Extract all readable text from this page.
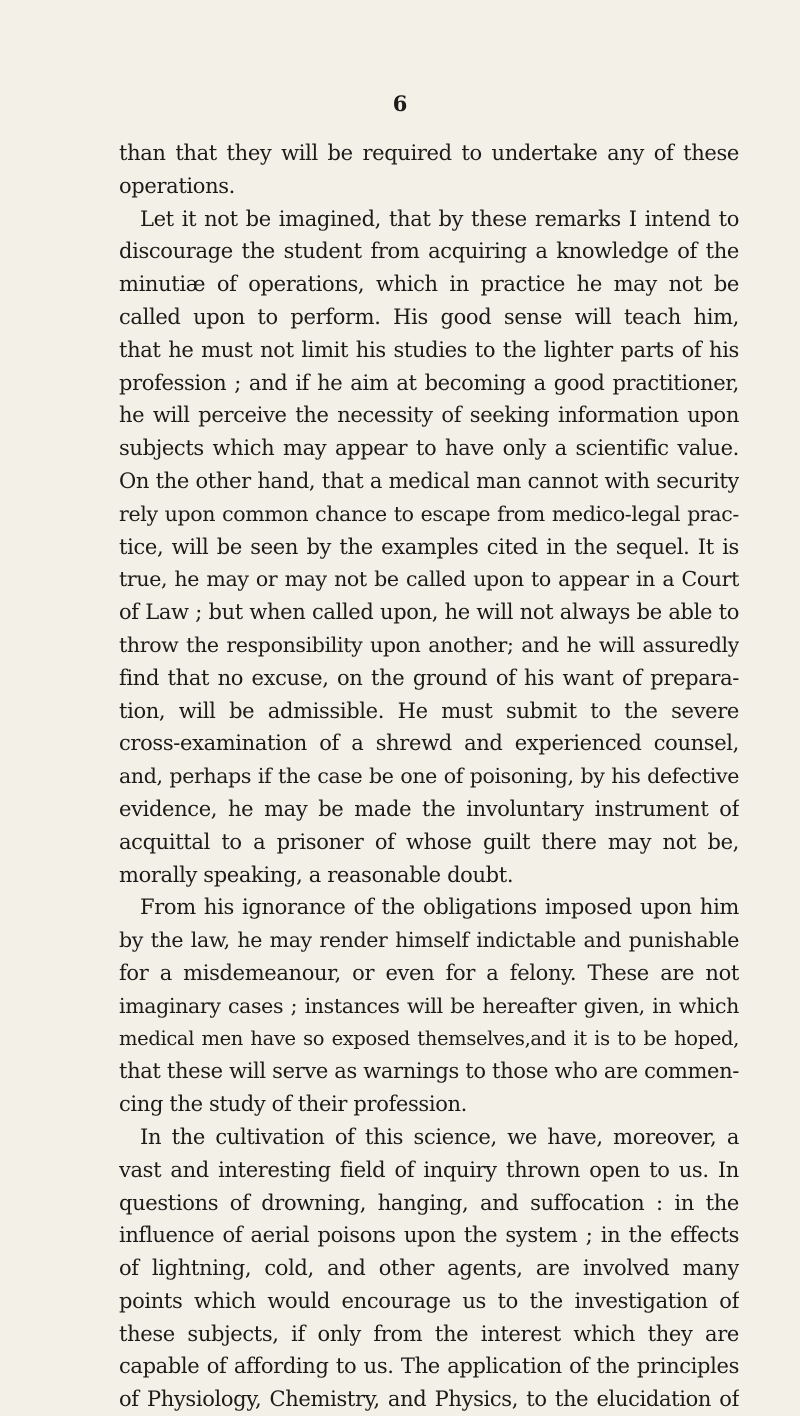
6
than that they will be required to undertake any of these
operations.
Let it not be imagined, that by these remarks I intend to
discourage the student from acquiring a knowledge of the
minutiæ of operations, which in practice he may not be
called upon to perform. His good sense will teach him,
that he must not limit his studies to the lighter parts of his
profession ; and if he aim at becoming a good practitioner,
he will perceive the necessity of seeking information upon
subjects which may appear to have only a scientific value.
On the other hand, that a medical man cannot with security
rely upon common chance to escape from medico-legal prac-
tice, will be seen by the examples cited in the sequel. It is
true, he may or may not be called upon to appear in a Court
of Law ; but when called upon, he will not always be able to
throw the responsibility upon another; and he will assuredly
find that no excuse, on the ground of his want of prepara-
tion, will be admissible. He must submit to the severe
cross-examination of a shrewd and experienced counsel,
and, perhaps if the case be one of poisoning, by his defective
evidence, he may be made the involuntary instrument of
acquittal to a prisoner of whose guilt there may not be,
morally speaking, a reasonable doubt.
From his ignorance of the obligations imposed upon him
by the law, he may render himself indictable and punishable
for a misdemeanour, or even for a felony. These are not
imaginary cases ; instances will be hereafter given, in which
medical men have so exposed themselves,and it is to be hoped,
that these will serve as warnings to those who are commen-
cing the study of their profession.
In the cultivation of this science, we have, moreover, a
vast and interesting field of inquiry thrown open to us. In
questions of drowning, hanging, and suffocation : in the
influence of aerial poisons upon the system ; in the effects
of lightning, cold, and other agents, are involved many
points which would encourage us to the investigation of
these subjects, if only from the interest which they are
capable of affording to us. The application of the principles
of Physiology, Chemistry, and Physics, to the elucidation of
